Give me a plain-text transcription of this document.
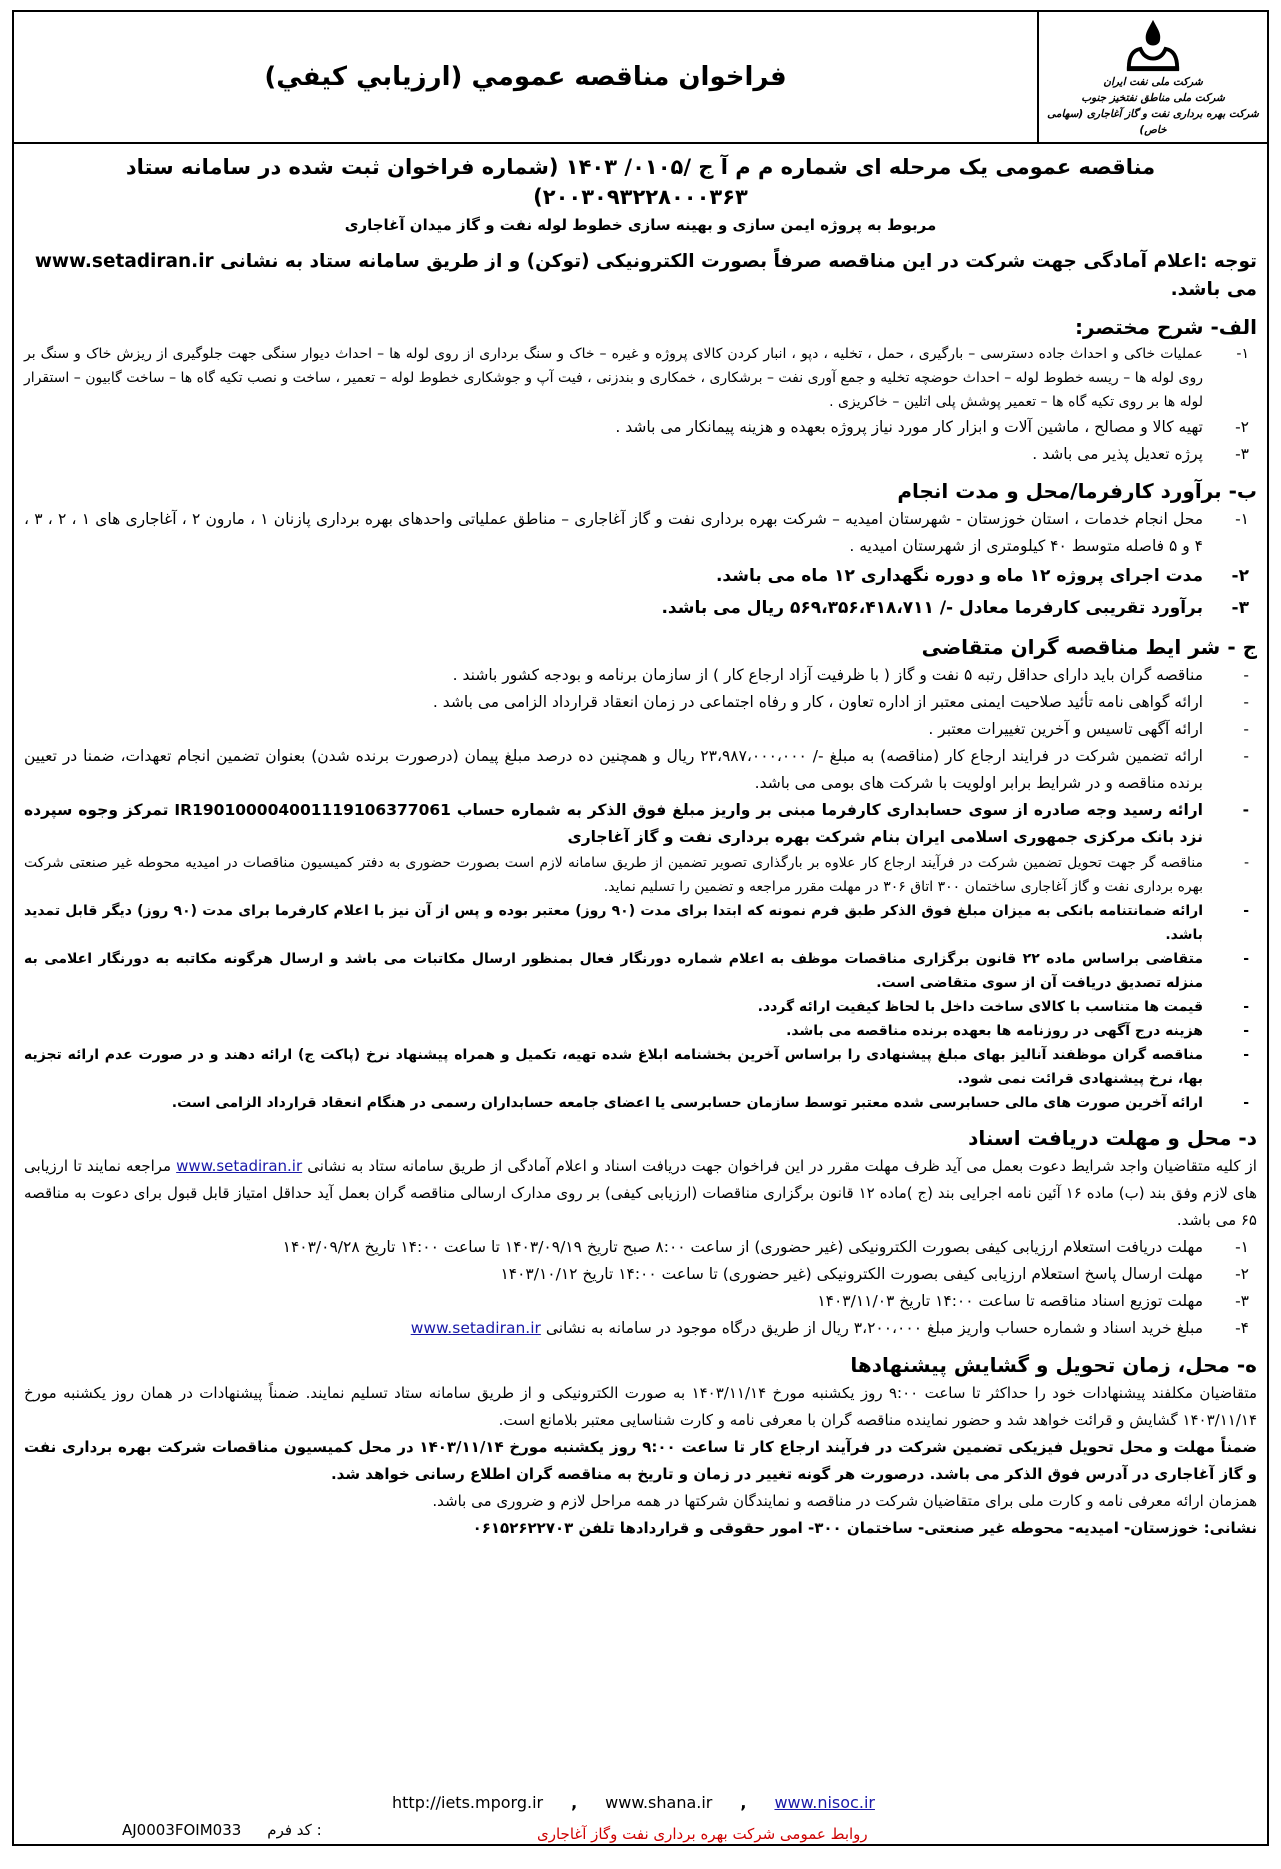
شرکت ملی نفت ایران
شرکت ملی مناطق نفتخیز جنوب
شرکت بهره برداری نفت و گاز آغاجاری (سهامی خاص)
فراخوان مناقصه عمومي (ارزيابي كيفي)
مناقصه عمومی یک مرحله ای شماره م م آ ج /۰۱۰۵/ ۱۴۰۳ (شماره فراخوان ثبت شده در سامانه ستاد ۲۰۰۳۰۹۳۲۲۸۰۰۰۳۶۳)
مربوط به پروژه ایمن سازی و بهینه سازی خطوط لوله نفت و گاز میدان آغاجاری
توجه :اعلام آمادگی جهت شرکت در این مناقصه صرفاً بصورت الکترونیکی (توکن) و از طریق سامانه ستاد به نشانی www.setadiran.ir می باشد.
الف- شرح مختصر:
۱-
عملیات خاکی و احداث جاده دسترسی – بارگیری ، حمل ، تخلیه ، دپو ، انبار کردن کالای پروژه و غیره – خاک و سنگ برداری از روی لوله ها – احداث دیوار سنگی جهت جلوگیری از ریزش خاک و سنگ بر روی لوله ها – ریسه خطوط لوله – احداث حوضچه تخلیه و جمع آوری نفت – برشکاری ، خمکاری و بندزنی ، فیت آپ و جوشکاری خطوط لوله – تعمیر ، ساخت و نصب تکیه گاه ها – ساخت گابیون – استقرار لوله ها بر روی تکیه گاه ها – تعمیر پوشش پلی اتلین – خاکریزی .
۲-
تهیه کالا و مصالح ، ماشین آلات و ابزار کار مورد نیاز پروژه بعهده و هزینه پیمانکار می باشد .
۳-
پرژه تعدیل پذیر می باشد .
ب- برآورد کارفرما/محل و مدت انجام
۱-
محل انجام خدمات ، استان خوزستان - شهرستان امیدیه – شرکت بهره برداری نفت و گاز آغاجاری – مناطق عملیاتی واحدهای بهره برداری پازنان ۱ ، مارون ۲ ، آغاجاری های ۱ ، ۲ ، ۳ ، ۴ و ۵ فاصله متوسط ۴۰ کیلومتری از شهرستان امیدیه .
۲-
مدت اجرای پروژه ۱۲ ماه و دوره نگهداری ۱۲ ماه می باشد.
۳-
برآورد تقریبی کارفرما معادل -/ ۵۶۹،۳۵۶،۴۱۸،۷۱۱ ریال می باشد.
ج - شر ایط مناقصه گران متقاضی
-
مناقصه گران باید دارای حداقل رتبه ۵ نفت و گاز ( با ظرفیت آزاد ارجاع کار ) از سازمان برنامه و بودجه کشور باشند .
-
ارائه گواهی نامه تأئید صلاحیت ایمنی معتبر از اداره تعاون ، کار و رفاه اجتماعی در زمان انعقاد قرارداد الزامی می باشد .
-
ارائه آگهی تاسیس و آخرین تغییرات معتبر .
-
ارائه تضمین شرکت در فرایند ارجاع کار (مناقصه) به مبلغ -/ ۲۳،۹۸۷،۰۰۰،۰۰۰ ریال و همچنین ده درصد مبلغ پیمان (درصورت برنده شدن) بعنوان تضمین انجام تعهدات، ضمنا در تعیین برنده مناقصه و در شرایط برابر اولویت با شرکت های بومی می باشد.
-
ارائه رسید وجه صادره از سوی حسابداری کارفرما مبنی بر واریز مبلغ فوق الذکر به شماره حساب IR190100004001119106377061 تمرکز وجوه سپرده نزد بانک مرکزی جمهوری اسلامی ایران بنام شرکت بهره برداری نفت و گاز آغاجاری
-
مناقصه گر جهت تحویل تضمین شرکت در فرآیند ارجاع کار علاوه بر بارگذاری تصویر تضمین از طریق سامانه لازم است بصورت حضوری به دفتر کمیسیون مناقصات در امیدیه محوطه غیر صنعتی شرکت بهره برداری نفت و گاز آغاجاری ساختمان ۳۰۰ اتاق ۳۰۶ در مهلت مقرر مراجعه و تضمین را تسلیم نماید.
-
ارائه ضمانتنامه بانکی به میزان مبلغ فوق الذکر طبق فرم نمونه که ابتدا برای مدت (۹۰ روز) معتبر بوده و پس از آن نیز با اعلام کارفرما برای مدت (۹۰ روز) دیگر قابل تمدید باشد.
-
متقاضی براساس ماده ۲۲ قانون برگزاری مناقصات موظف به اعلام شماره دورنگار فعال بمنظور ارسال مکاتبات می باشد و ارسال هرگونه مکاتبه به دورنگار اعلامی به منزله تصدیق دریافت آن از سوی متقاضی است.
-
قیمت ها متناسب با کالای ساخت داخل با لحاظ کیفیت ارائه گردد.
-
هزینه درج آگهی در روزنامه ها بعهده برنده مناقصه می باشد.
-
مناقصه گران موظفند آنالیز بهای مبلغ پیشنهادی را براساس آخرین بخشنامه ابلاغ شده تهیه، تکمیل و همراه پیشنهاد نرخ (پاکت ج) ارائه دهند و در صورت عدم ارائه تجزیه بها، نرخ پیشنهادی قرائت نمی شود.
-
ارائه آخرین صورت های مالی حسابرسی شده معتبر توسط سازمان حسابرسی یا اعضای جامعه حسابداران رسمی در هنگام انعقاد قرارداد الزامی است.
د- محل و مهلت دریافت اسناد
از کلیه متقاضیان واجد شرایط دعوت بعمل می آید ظرف مهلت مقرر در این فراخوان جهت دریافت اسناد و اعلام آمادگی از طریق سامانه ستاد به نشانی www.setadiran.ir مراجعه نمایند تا ارزیابی های لازم وفق بند (ب) ماده ۱۶ آئین نامه اجرایی بند (ج )ماده ۱۲ قانون برگزاری مناقصات (ارزیابی کیفی) بر روی مدارک ارسالی مناقصه گران بعمل آید حداقل امتیاز قابل قبول برای دعوت به مناقصه ۶۵ می باشد.
۱-
مهلت دریافت استعلام ارزیابی کیفی بصورت الکترونیکی (غیر حضوری) از ساعت ۸:۰۰ صبح تاریخ ۱۴۰۳/۰۹/۱۹ تا ساعت ۱۴:۰۰ تاریخ ۱۴۰۳/۰۹/۲۸
۲-
مهلت ارسال پاسخ استعلام ارزیابی کیفی بصورت الکترونیکی (غیر حضوری) تا ساعت ۱۴:۰۰ تاریخ ۱۴۰۳/۱۰/۱۲
۳-
مهلت توزیع اسناد مناقصه تا ساعت ۱۴:۰۰ تاریخ ۱۴۰۳/۱۱/۰۳
۴-
مبلغ خرید اسناد و شماره حساب واریز مبلغ ۳،۲۰۰،۰۰۰ ریال از طریق درگاه موجود در سامانه به نشانی www.setadiran.ir
ه- محل، زمان تحویل و گشایش پیشنهادها
متقاضیان مکلفند پیشنهادات خود را حداکثر تا ساعت ۹:۰۰ روز یکشنبه مورخ ۱۴۰۳/۱۱/۱۴ به صورت الکترونیکی و از طریق سامانه ستاد تسلیم نمایند. ضمناً پیشنهادات در همان روز یکشنبه مورخ ۱۴۰۳/۱۱/۱۴ گشایش و قرائت خواهد شد و حضور نماینده مناقصه گران با معرفی نامه و کارت شناسایی معتبر بلامانع است.
ضمناً مهلت و محل تحویل فیزیکی تضمین شرکت در فرآیند ارجاع کار تا ساعت ۹:۰۰ روز یکشنبه مورخ ۱۴۰۳/۱۱/۱۴ در محل کمیسیون مناقصات شرکت بهره برداری نفت و گاز آغاجاری در آدرس فوق الذکر می باشد. درصورت هر گونه تغییر در زمان و تاریخ به مناقصه گران اطلاع رسانی خواهد شد.
همزمان ارائه معرفی نامه و کارت ملی برای متقاضیان شرکت در مناقصه و نمایندگان شرکتها در همه مراحل لازم و ضروری می باشد.
نشانی: خوزستان- امیدیه- محوطه غیر صنعتی- ساختمان ۳۰۰- امور حقوقی و قراردادها تلفن ۰۶۱۵۲۶۲۲۷۰۳
http://iets.mporg.ir , www.shana.ir , www.nisoc.ir
AJ0003FOIM033 کد فرم :	روابط عمومی شرکت بهره برداری نفت وگاز آغاجاری
